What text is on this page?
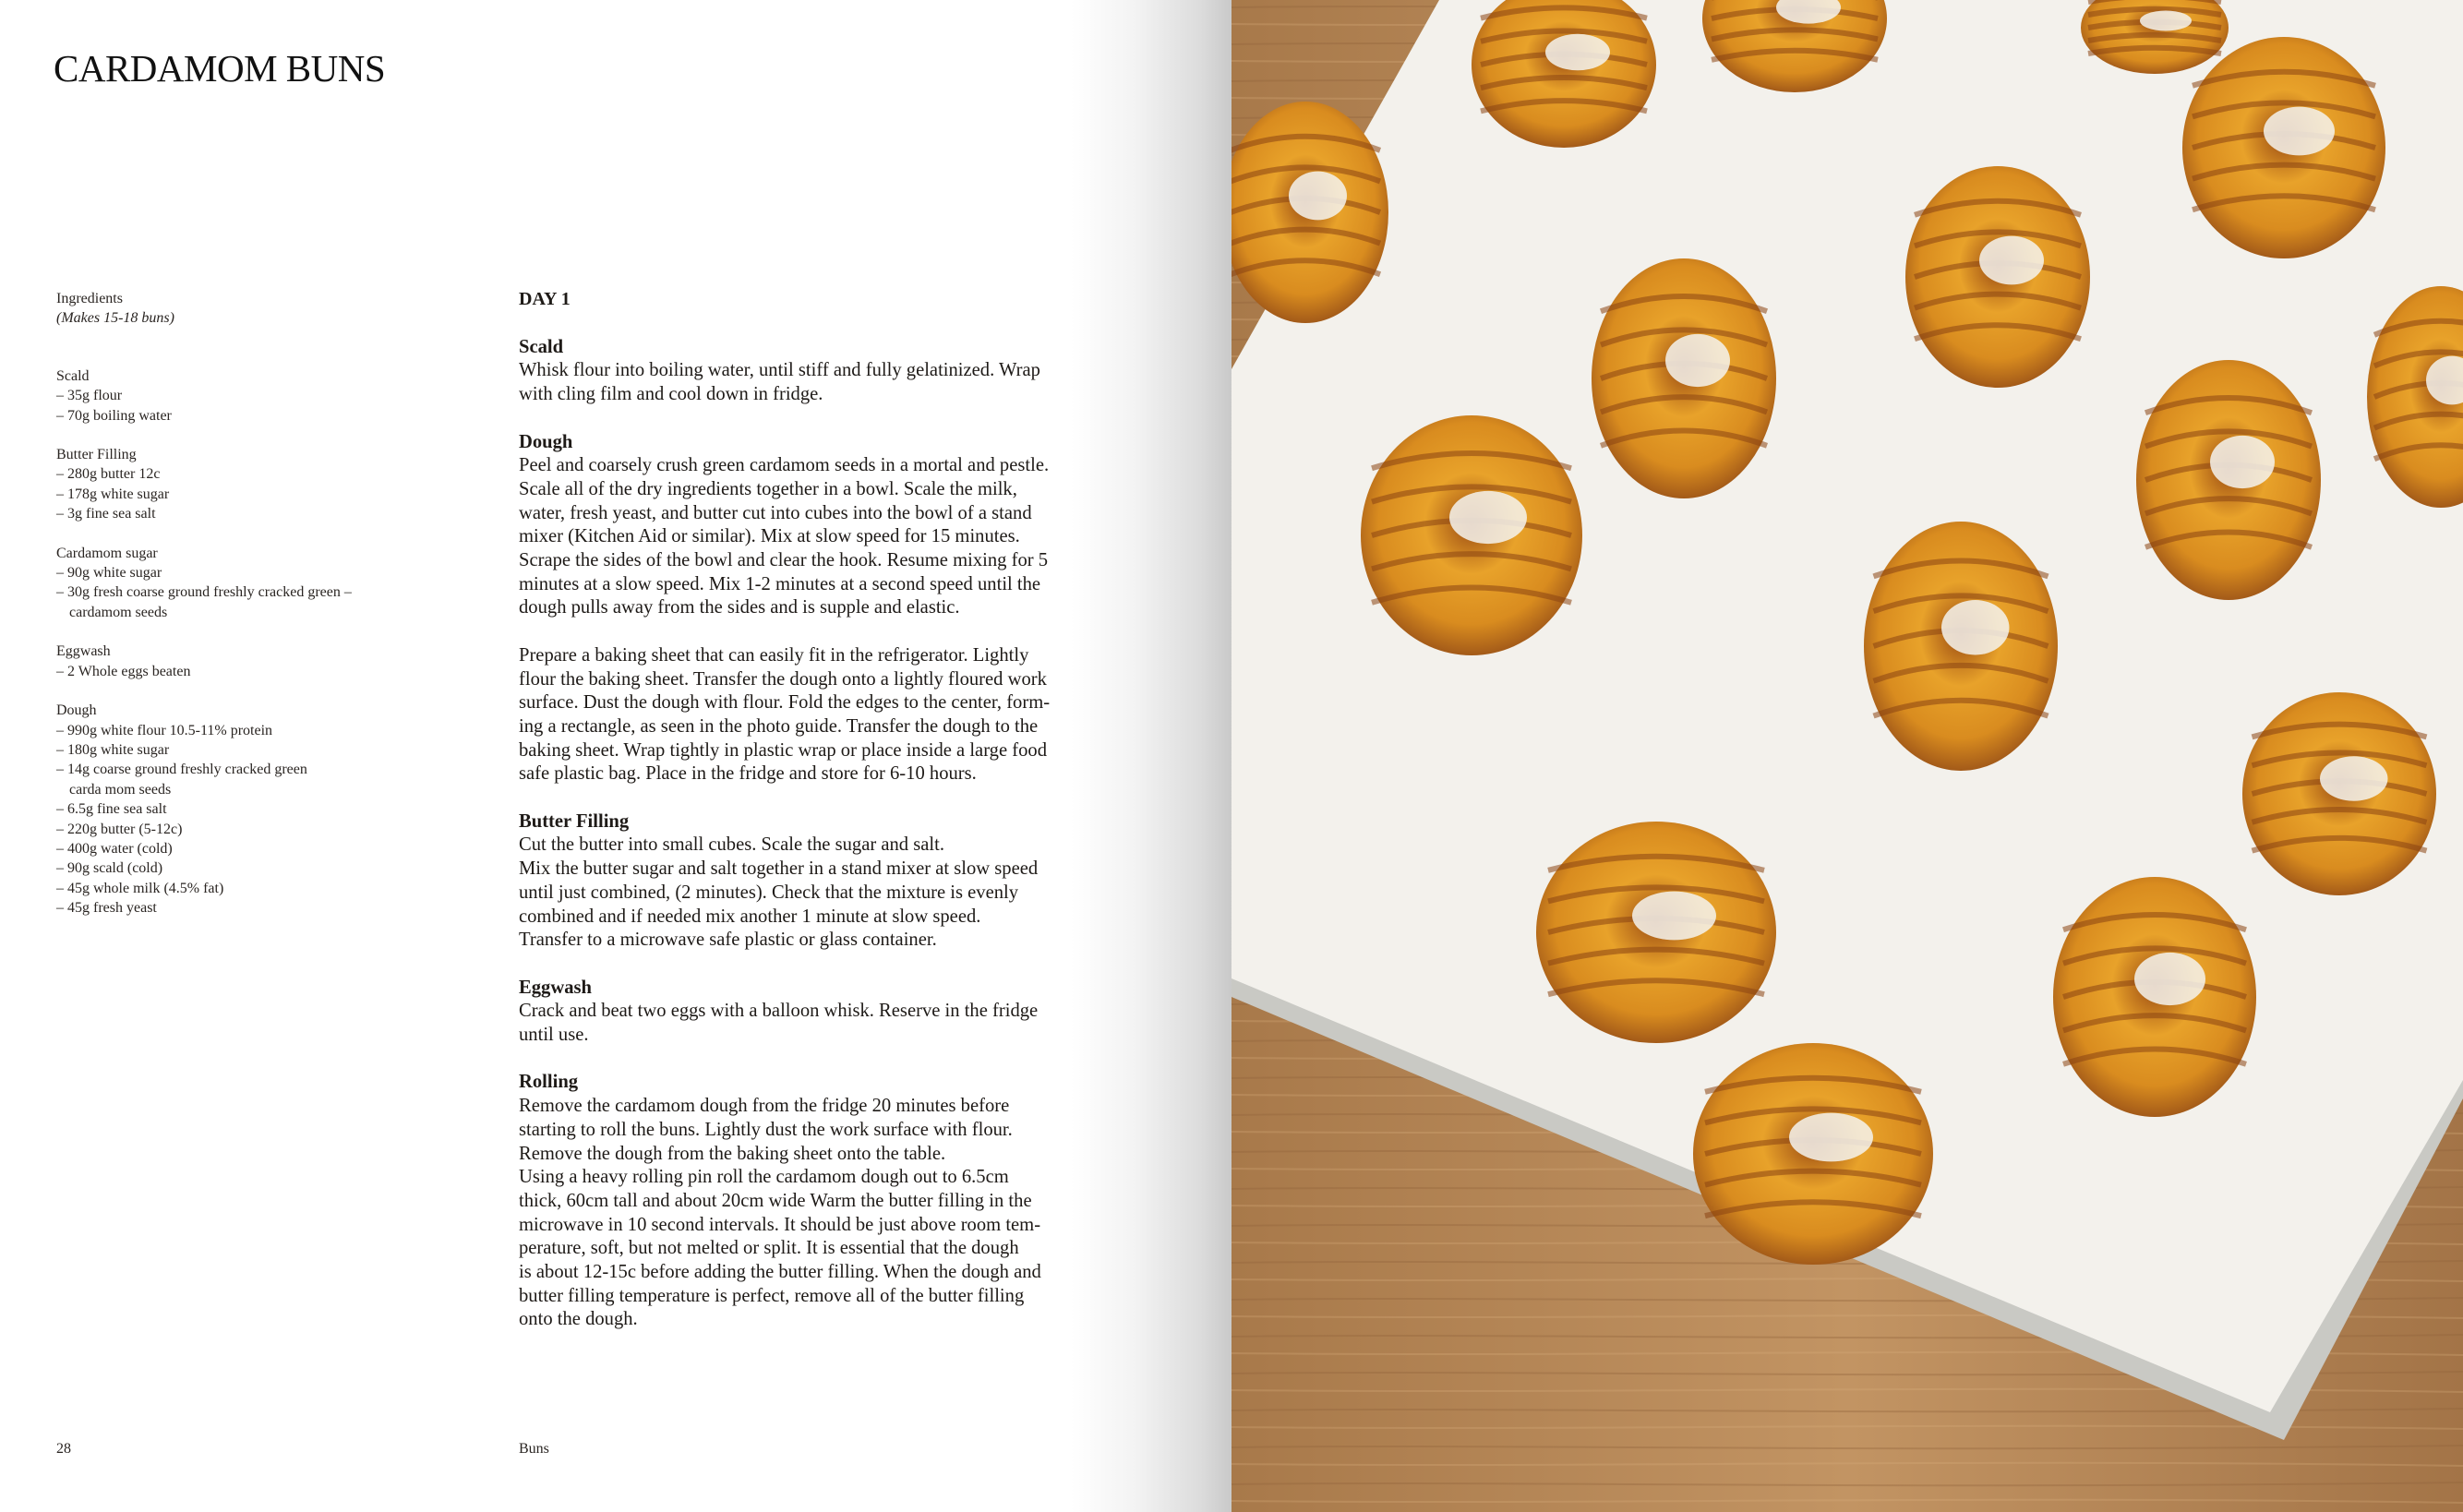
CARDAMOM BUNS
Ingredients
(Makes 15-18 buns)
Scald
– 35g flour
– 70g boiling water
Butter Filling
– 280g butter 12c
– 178g white sugar
– 3g fine sea salt
Cardamom sugar
– 90g white sugar
– 30g fresh coarse ground freshly cracked green –
cardamom seeds
Eggwash
– 2 Whole eggs beaten
Dough
– 990g white flour 10.5-11% protein
– 180g white sugar
– 14g coarse ground freshly cracked green
carda mom seeds
– 6.5g fine sea salt
– 220g butter (5-12c)
– 400g water (cold)
– 90g scald (cold)
– 45g whole milk (4.5% fat)
– 45g fresh yeast
DAY 1
Scald
Whisk flour into boiling water, until stiff and fully gelatinized. Wrap
with cling film and cool down in fridge.
Dough

Peel and coarsely crush green cardamom seeds in a mortal and pestle.
Scale all of the dry ingredients together in a bowl. Scale the milk,
water, fresh yeast, and butter cut into cubes into the bowl of a stand
mixer (Kitchen Aid or similar). Mix at slow speed for 15 minutes.
Scrape the sides of the bowl and clear the hook. Resume mixing for 5
minutes at a slow speed. Mix 1-2 minutes at a second speed until the
dough pulls away from the sides and is supple and elastic.

Prepare a baking sheet that can easily fit in the refrigerator. Lightly
flour the baking sheet. Transfer the dough onto a lightly floured work
surface. Dust the dough with flour. Fold the edges to the center, form-
ing a rectangle, as seen in the photo guide. Transfer the dough to the
baking sheet. Wrap tightly in plastic wrap or place inside a large food
safe plastic bag. Place in the fridge and store for 6-10 hours.

Butter Filling
Cut the butter into small cubes. Scale the sugar and salt.
Mix the butter sugar and salt together in a stand mixer at slow speed
until just combined, (2 minutes). Check that the mixture is evenly
combined and if needed mix another 1 minute at slow speed.
Transfer to a microwave safe plastic or glass container.
Eggwash
Crack and beat two eggs with a balloon whisk. Reserve in the fridge
until use.
Rolling
Remove the cardamom dough from the fridge 20 minutes before
starting to roll the buns. Lightly dust the work surface with flour.
Remove the dough from the baking sheet onto the table.
Using a heavy rolling pin roll the cardamom dough out to 6.5cm
thick, 60cm tall and about 20cm wide Warm the butter filling in the
microwave in 10 second intervals. It should be just above room tem-
perature, soft, but not melted or split. It is essential that the dough
is about 12-15c before adding the butter filling. When the dough and
butter filling temperature is perfect, remove all of the butter filling
onto the dough.
28	Buns
